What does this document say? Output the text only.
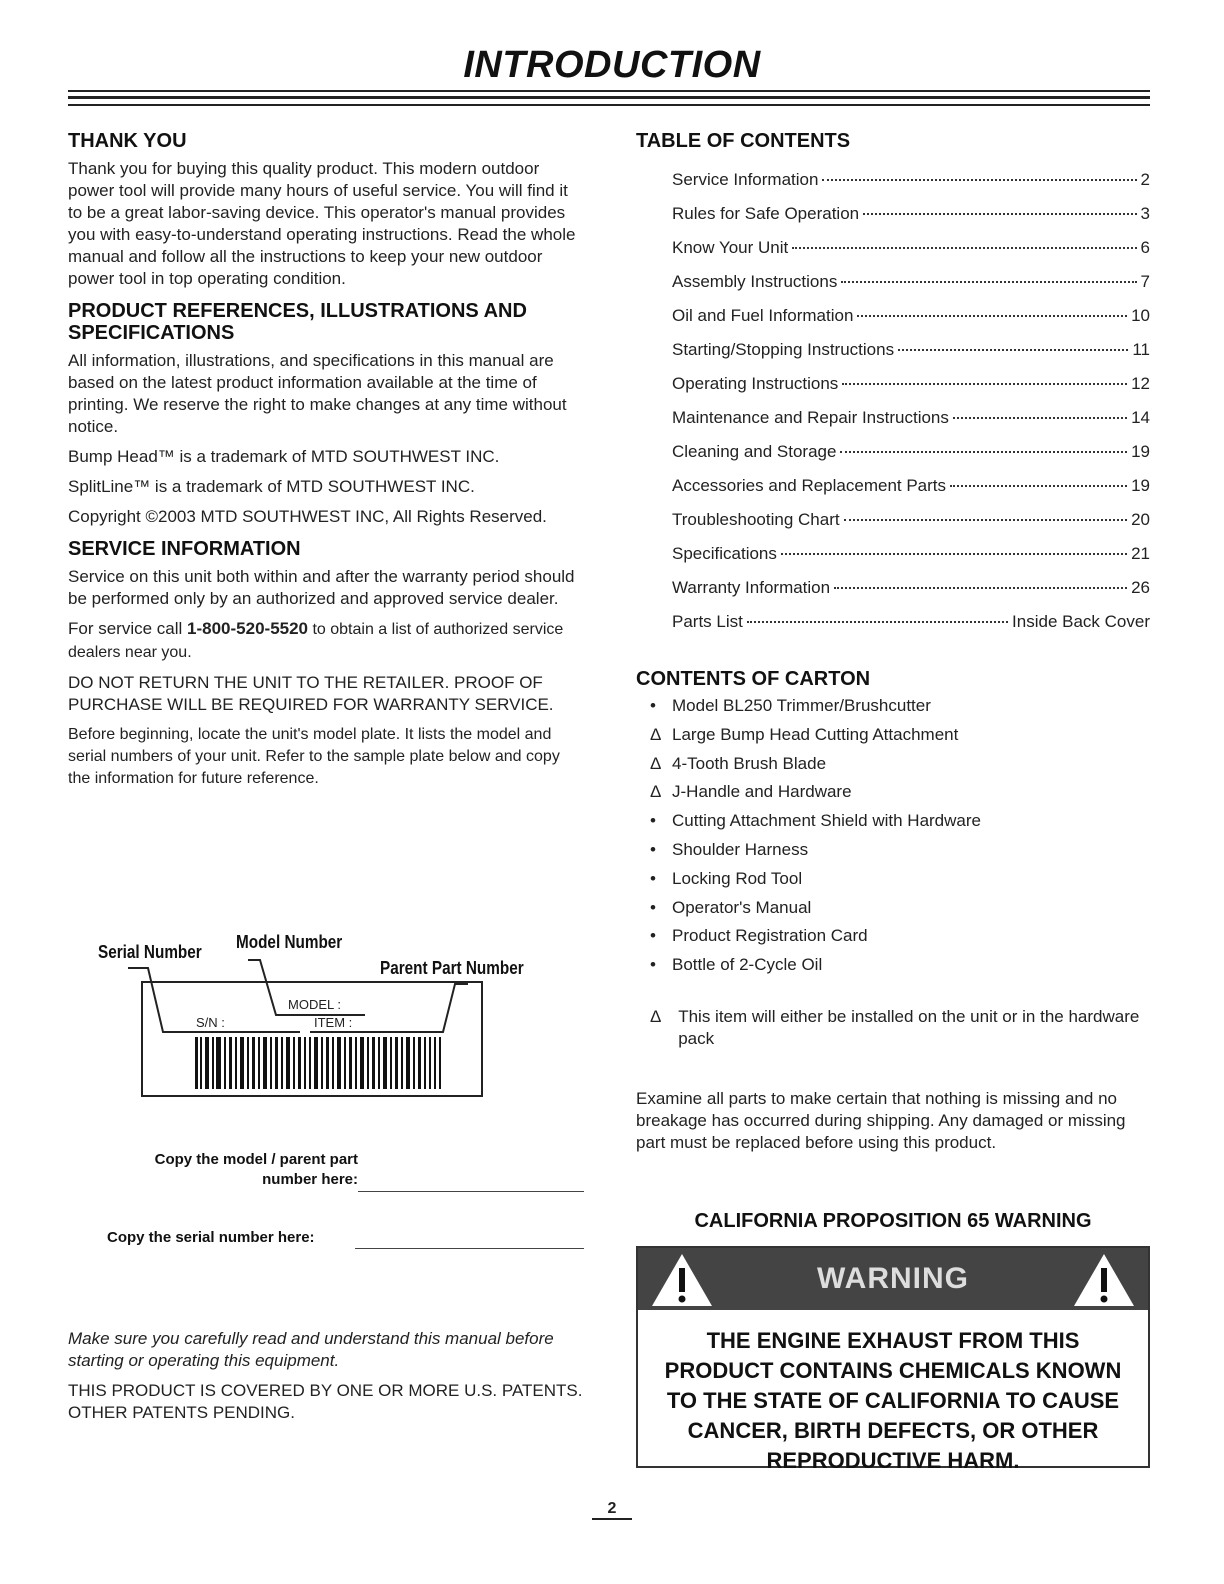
INTRODUCTION
THANK YOU

Thank you for buying this quality product. This modern outdoor power tool will provide many hours of useful service. You will find it to be a great labor-saving device. This operator's manual provides you with easy-to-understand operating instructions. Read the whole manual and follow all the instructions to keep your new outdoor power tool in top operating condition.

PRODUCT REFERENCES, ILLUSTRATIONS AND SPECIFICATIONS

All information, illustrations, and specifications in this manual are based on the latest product information available at the time of printing. We reserve the right to make changes at any time without notice.

Bump Head™ is a trademark of MTD SOUTHWEST INC.

SplitLine™ is a trademark of MTD SOUTHWEST INC.

Copyright ©2003 MTD SOUTHWEST INC, All Rights Reserved.

SERVICE INFORMATION

Service on this unit both within and after the warranty period should be performed only by an authorized and approved service dealer.

For service call 1-800-520-5520 to obtain a list of authorized service dealers near you.

DO NOT RETURN THE UNIT TO THE RETAILER. PROOF OF PURCHASE WILL BE REQUIRED FOR WARRANTY SERVICE.

Before beginning, locate the unit's model plate. It lists the model and serial numbers of your unit. Refer to the sample plate below and copy the information for future reference.

Serial Number Model Number
Parent Part Number
MODEL :
S/N :	ITEM :
Copy the model / parent part number here:
Copy the serial number here:

Make sure you carefully read and understand this manual before starting or operating this equipment.

THIS PRODUCT IS COVERED BY ONE OR MORE U.S. PATENTS. OTHER PATENTS PENDING.

TABLE OF CONTENTS
Service Information	2
Rules for Safe Operation	3
Know Your Unit	6
Assembly Instructions	7
Oil and Fuel Information	10
Starting/Stopping Instructions	11
Operating Instructions	12
Maintenance and Repair Instructions	14
Cleaning and Storage	19
Accessories and Replacement Parts	19
Troubleshooting Chart	20
Specifications	21
Warranty Information	26
Parts List	Inside Back Cover
CONTENTS OF CARTON
• Model BL250 Trimmer/Brushcutter
Δ Large Bump Head Cutting Attachment
Δ 4-Tooth Brush Blade
Δ J-Handle and Hardware
• Cutting Attachment Shield with Hardware
• Shoulder Harness
• Locking Rod Tool
• Operator's Manual
• Product Registration Card
• Bottle of 2-Cycle Oil
Δ This item will either be installed on the unit or in the hardware pack

Examine all parts to make certain that nothing is missing and no breakage has occurred during shipping. Any damaged or missing part must be replaced before using this product.

CALIFORNIA PROPOSITION 65 WARNING
WARNING
THE ENGINE EXHAUST FROM THIS PRODUCT CONTAINS CHEMICALS KNOWN TO THE STATE OF CALIFORNIA TO CAUSE CANCER, BIRTH DEFECTS, OR OTHER REPRODUCTIVE HARM.
2
